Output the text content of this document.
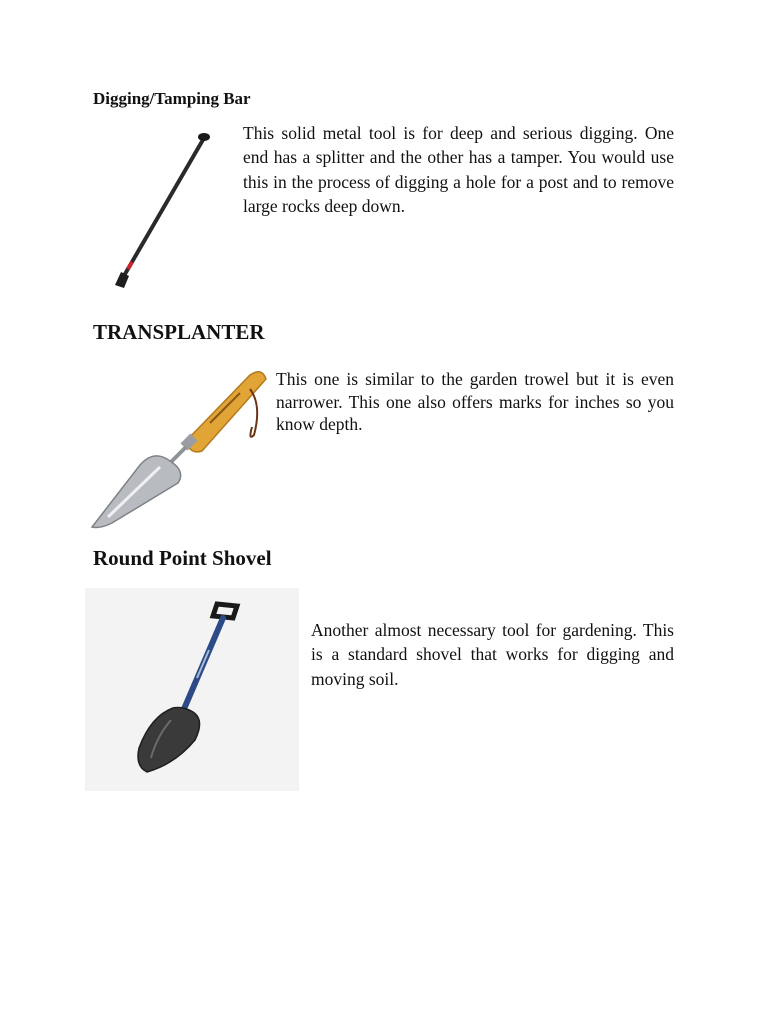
Digging/Tamping Bar

This solid metal tool is for deep and serious digging. One end has a splitter and the other has a tamper. You would use this in the process of digging a hole for a post and to remove large rocks deep down.

TRANSPLANTER

This one is similar to the garden trowel but it is even narrower. This one also offers marks for inches so you know depth.

Round Point Shovel

Another almost necessary tool for gardening. This is a standard shovel that works for digging and moving soil.
